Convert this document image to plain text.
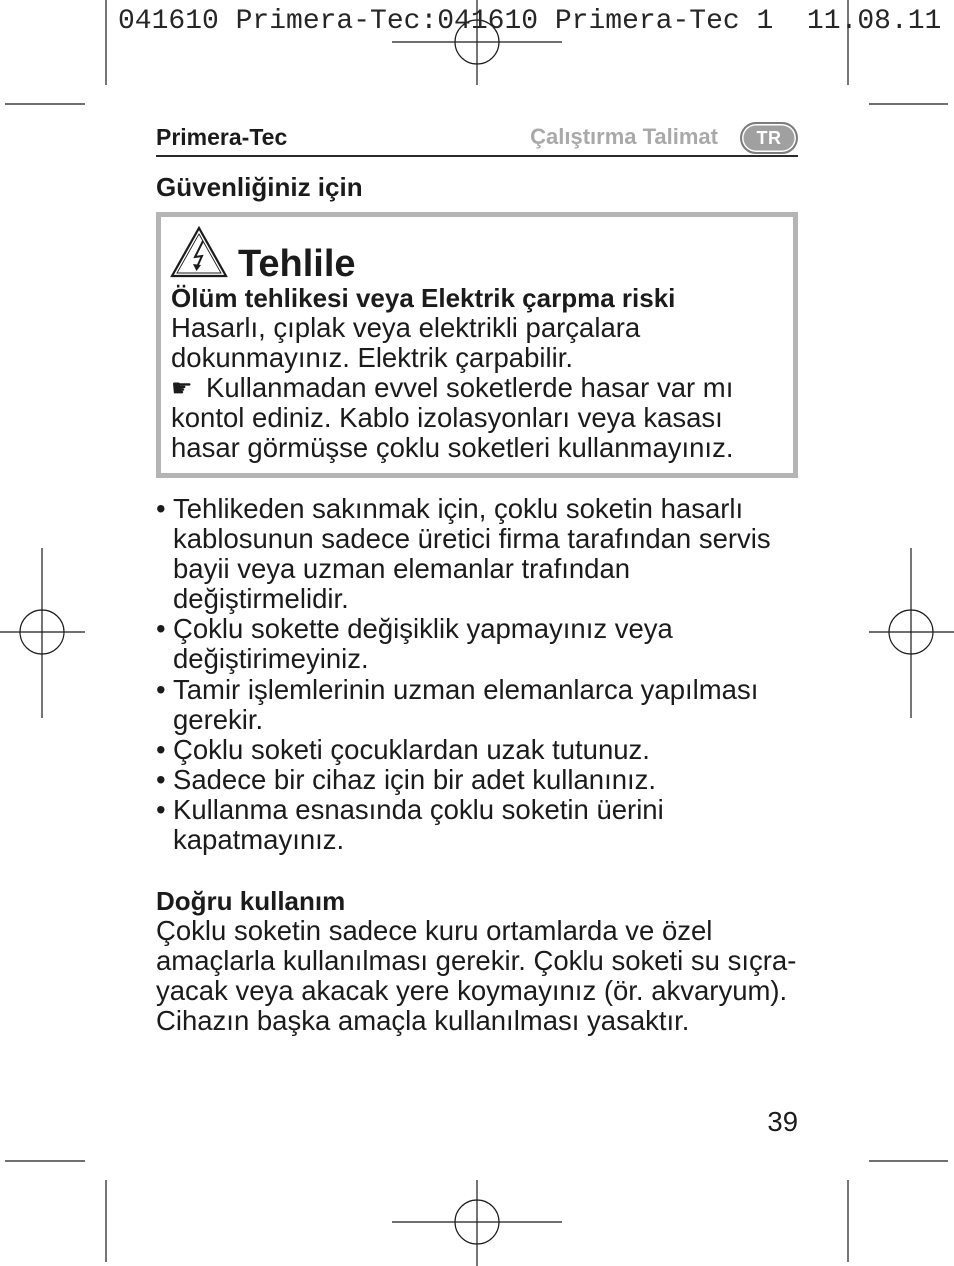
041610 Primera-Tec:041610 Primera-Tec 1  11.08.11
Primera-Tec	Çalıştırma Talimat	TR
Güvenliğiniz için
Tehlile
Ölüm tehlikesi veya Elektrik çarpma riski
Hasarlı, çıplak veya elektrikli parçalara
dokunmayınız. Elektrik çarpabilir.
☛ Kullanmadan evvel soketlerde hasar var mı
kontol ediniz. Kablo izolasyonları veya kasası
hasar görmüşse çoklu soketleri kullanmayınız.
• Tehlikeden sakınmak için, çoklu soketin hasarlı
kablosunun sadece üretici firma tarafından servis
bayii veya uzman elemanlar trafından
değiştirmelidir.
• Çoklu sokette değişiklik yapmayınız veya
değiştirimeyiniz.
• Tamir işlemlerinin uzman elemanlarca yapılması
gerekir.
• Çoklu soketi çocuklardan uzak tutunuz.
• Sadece bir cihaz için bir adet kullanınız.
• Kullanma esnasında çoklu soketin üerini
kapatmayınız.
Doğru kullanım
Çoklu soketin sadece kuru ortamlarda ve özel
amaçlarla kullanılması gerekir. Çoklu soketi su sıçra-
yacak veya akacak yere koymayınız (ör. akvaryum).
Cihazın başka amaçla kullanılması yasaktır.
39
